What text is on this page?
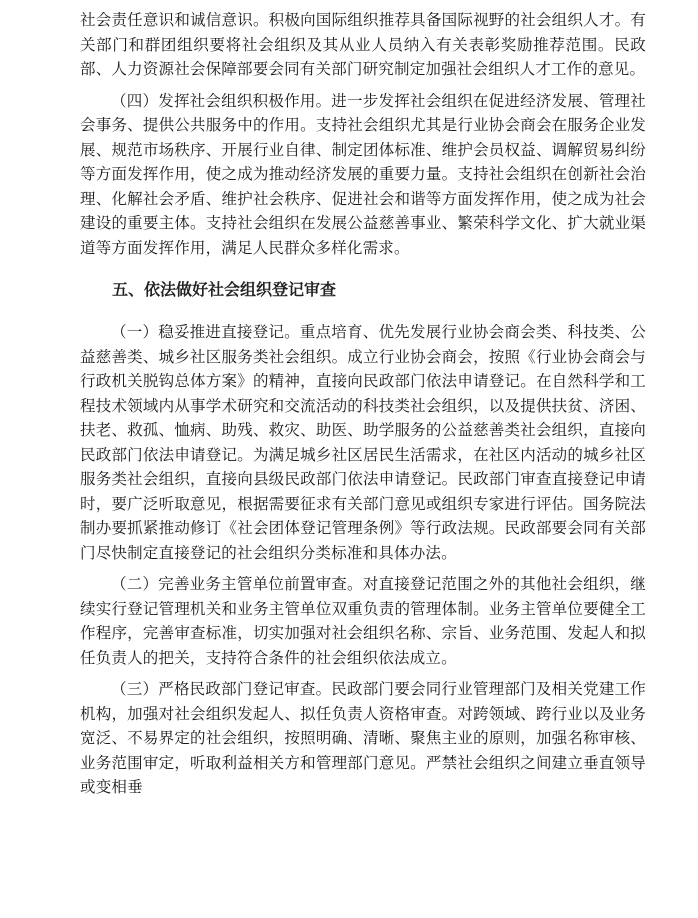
社会责任意识和诚信意识。积极向国际组织推荐具备国际视野的社会组织人才。有关部门和群团组织要将社会组织及其从业人员纳入有关表彰奖励推荐范围。民政部、人力资源社会保障部要会同有关部门研究制定加强社会组织人才工作的意见。

（四）发挥社会组织积极作用。进一步发挥社会组织在促进经济发展、管理社会事务、提供公共服务中的作用。支持社会组织尤其是行业协会商会在服务企业发展、规范市场秩序、开展行业自律、制定团体标准、维护会员权益、调解贸易纠纷等方面发挥作用，使之成为推动经济发展的重要力量。支持社会组织在创新社会治理、化解社会矛盾、维护社会秩序、促进社会和谐等方面发挥作用，使之成为社会建设的重要主体。支持社会组织在发展公益慈善事业、繁荣科学文化、扩大就业渠道等方面发挥作用，满足人民群众多样化需求。

五、依法做好社会组织登记审查

（一）稳妥推进直接登记。重点培育、优先发展行业协会商会类、科技类、公益慈善类、城乡社区服务类社会组织。成立行业协会商会，按照《行业协会商会与行政机关脱钩总体方案》的精神，直接向民政部门依法申请登记。在自然科学和工程技术领域内从事学术研究和交流活动的科技类社会组织，以及提供扶贫、济困、扶老、救孤、恤病、助残、救灾、助医、助学服务的公益慈善类社会组织，直接向民政部门依法申请登记。为满足城乡社区居民生活需求，在社区内活动的城乡社区服务类社会组织，直接向县级民政部门依法申请登记。民政部门审查直接登记申请时，要广泛听取意见，根据需要征求有关部门意见或组织专家进行评估。国务院法制办要抓紧推动修订《社会团体登记管理条例》等行政法规。民政部要会同有关部门尽快制定直接登记的社会组织分类标准和具体办法。

（二）完善业务主管单位前置审查。对直接登记范围之外的其他社会组织，继续实行登记管理机关和业务主管单位双重负责的管理体制。业务主管单位要健全工作程序，完善审查标准，切实加强对社会组织名称、宗旨、业务范围、发起人和拟任负责人的把关，支持符合条件的社会组织依法成立。

（三）严格民政部门登记审查。民政部门要会同行业管理部门及相关党建工作机构，加强对社会组织发起人、拟任负责人资格审查。对跨领域、跨行业以及业务宽泛、不易界定的社会组织，按照明确、清晰、聚焦主业的原则，加强名称审核、业务范围审定，听取利益相关方和管理部门意见。严禁社会组织之间建立垂直领导或变相垂
